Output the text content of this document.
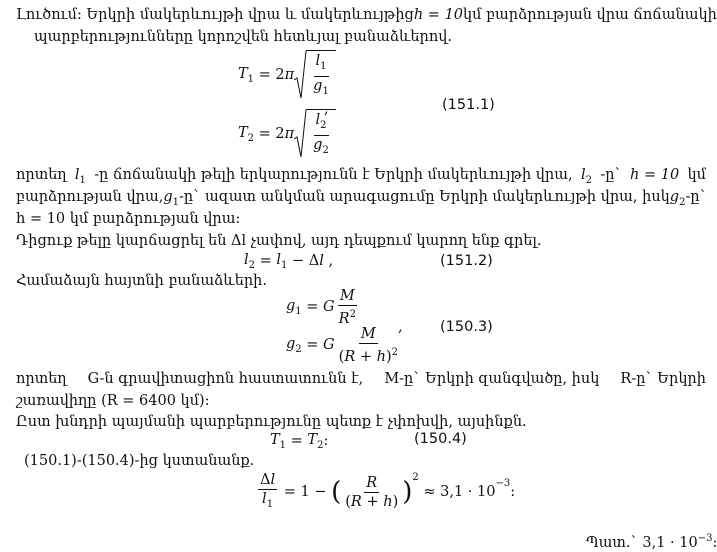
Լուծում: Երկրի մակերևույթի վրա և մակերևույթից h = 10 կմ բարձրության վրա ճոճանակի
պարբերությունները կորոշվեն հետևյալ բանաձևերով.
$T_1 = 2$ π $\frac{l_1}{g_1}$
(151.1)
$T_2 = 2$ π $\frac{l_2}{g_2}$
,
որտեղ $l_1$ -ը ճոճանակի թելի երկարությունն է Երկրի մակերևույթի վրա, $l_2$ -ը` h = 10 կմ
բարձրության վրա, $g_1$ -ը` ազատ անկման արագացումը Երկրի մակերևույթի վրա, իսկ $g_2$ -ը`
h = 10 կմ բարձրության վրա:
Դիցուք թելը կարճացրել են Δl չափով, այդ դեպքում կարող ենք գրել.
$l_2 = l_1 - \Delta$ l ,	(151.2)
Համաձայն հայտնի բանաձևերի.
$g_1 = G \frac{M}{R^2}$
$g_2 = G \frac{M}{(R + h)^2}$
,	(150.3)
որտեղ G-ն գրավիտացիոն հաստատունն է, M-ը` Երկրի զանգվածը, իսկ R-ը` Երկրի
շառավիղը (R = 6400 կմ):
Ըստ խնդրի պայմանի պարբերությունը պետք է չփոխվի, այսինքն.
$T_1 = T_2$ :	(150.4)
(150.1)-(150.4)-ից կստանանք.
$\frac{\Delta l}{l_1} = 1$ − ( $\frac{R}{(R + h)} )^2$

≈ 3,1 · 10
$^{-3}$
:
Պատ.` $3,1 \cdot 10^{-3}$:
